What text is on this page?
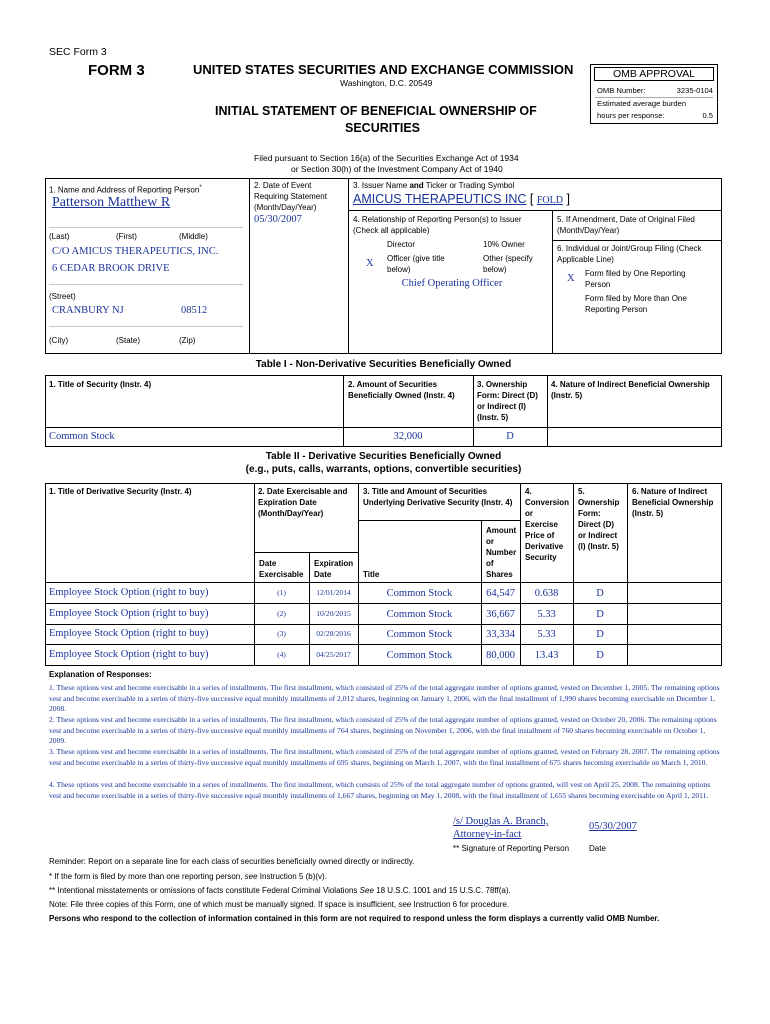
SEC Form 3
FORM 3	UNITED STATES SECURITIES AND EXCHANGE COMMISSION
Washington, D.C. 20549
INITIAL STATEMENT OF BENEFICIAL OWNERSHIP OF
SECURITIES
Filed pursuant to Section 16(a) of the Securities Exchange Act of 1934
or Section 30(h) of the Investment Company Act of 1940
OMB APPROVAL
OMB Number:	3235-0104
Estimated average burden
hours per response:	0.5
1. Name and Address of Reporting Person*
Patterson Matthew R
(Last)	(First)	(Middle)
C/O AMICUS THERAPEUTICS, INC.
6 CEDAR BROOK DRIVE
(Street)
CRANBURY NJ	08512
(City)	(State)	(Zip)
2. Date of Event
Requiring Statement
(Month/Day/Year)
05/30/2007
3. Issuer Name and Ticker or Trading Symbol
AMICUS THERAPEUTICS INC [ FOLD ]
4. Relationship of Reporting Person(s) to Issuer
(Check all applicable)
Director	10% Owner
X Officer (give title
below)
Other (specify
below)
Chief Operating Officer
5. If Amendment, Date of Original Filed
(Month/Day/Year)
6. Individual or Joint/Group Filing (Check
Applicable Line)
X Form filed by One Reporting
Person
Form filed by More than One
Reporting Person
Table I - Non-Derivative Securities Beneficially Owned
1. Title of Security (Instr. 4)	2. Amount of Securities
Beneficially Owned (Instr. 4)
3. Ownership
Form: Direct (D)
or Indirect (I)
(Instr. 5)
4. Nature of Indirect Beneficial Ownership
(Instr. 5)
Common Stock	32,000	D
Table II - Derivative Securities Beneficially Owned
(e.g., puts, calls, warrants, options, convertible securities)
1. Title of Derivative Security (Instr. 4)	2. Date Exercisable and
Expiration Date
(Month/Day/Year)
3. Title and Amount of Securities
Underlying Derivative Security (Instr. 4)
4.
Conversion
or
Exercise
Price of
Derivative
Security
5.
Ownership
Form:
Direct (D)
or Indirect
(I) (Instr. 5)
6. Nature of Indirect
Beneficial Ownership
(Instr. 5)
Date
Exercisable
Expiration
Date	Title
Amount
or
Number
of
Shares
Employee Stock Option (right to buy)	(1)	12/01/2014	Common Stock	64,547	0.638	D
Employee Stock Option (right to buy)	(2)	10/20/2015	Common Stock	36,667	5.33	D
Employee Stock Option (right to buy)	(3)	02/28/2016	Common Stock	33,334	5.33	D
Employee Stock Option (right to buy)	(4)	04/25/2017	Common Stock	80,000	13.43	D
Explanation of Responses:
1. These options vest and become exercisable in a series of installments. The first installment, which consisted of 25% of the total aggregate number of options granted, vested on December 1, 2005. The remaining options vest and become exercisable in a series of thirty-five successive equal monthly installments of 2,012 shares, beginning on January 1, 2006, with the final installment of 1,990 shares becoming exercisable on December 1, 2008.
2. These options vest and become exercisable in a series of installments. The first installment, which consisted of 25% of the total aggregate number of options granted, vested on October 20, 2006. The remaining options vest and become exercisable in a series of thirty-five successive equal monthly installments of 764 shares, beginning on November 1, 2006, with the final installment of 760 shares becoming exercisable on October 1, 2009.
3. These options vest and become exercisable in a series of installments. The first installment, which consisted of 25% of the total aggregate number of options granted, vested on February 28, 2007. The remaining options vest and become exercisable in a series of thirty-five successive equal monthly installments of 695 shares, beginning on March 1, 2007, with the final installment of 675 shares becoming exercisable on March 1, 2010.
4. These options vest and become exercisable in a series of installments. The first installment, which consists of 25% of the total aggregate number of options granted, will vest on April 25, 2008. The remaining options vest and become exercisable in a series of thirty-five successive equal monthly installments of 1,667 shares, beginning on May 1, 2008, with the final installment of 1,655 shares becoming exercisable on April 1, 2011.
/s/ Douglas A. Branch,
Attorney-in-fact
05/30/2007
** Signature of Reporting Person Date
Reminder: Report on a separate line for each class of securities beneficially owned directly or indirectly.
* If the form is filed by more than one reporting person, see Instruction 5 (b)(v).
** Intentional misstatements or omissions of facts constitute Federal Criminal Violations See 18 U.S.C. 1001 and 15 U.S.C. 78ff(a).
Note: File three copies of this Form, one of which must be manually signed. If space is insufficient, see Instruction 6 for procedure.
Persons who respond to the collection of information contained in this form are not required to respond unless the form displays a currently valid OMB Number.
